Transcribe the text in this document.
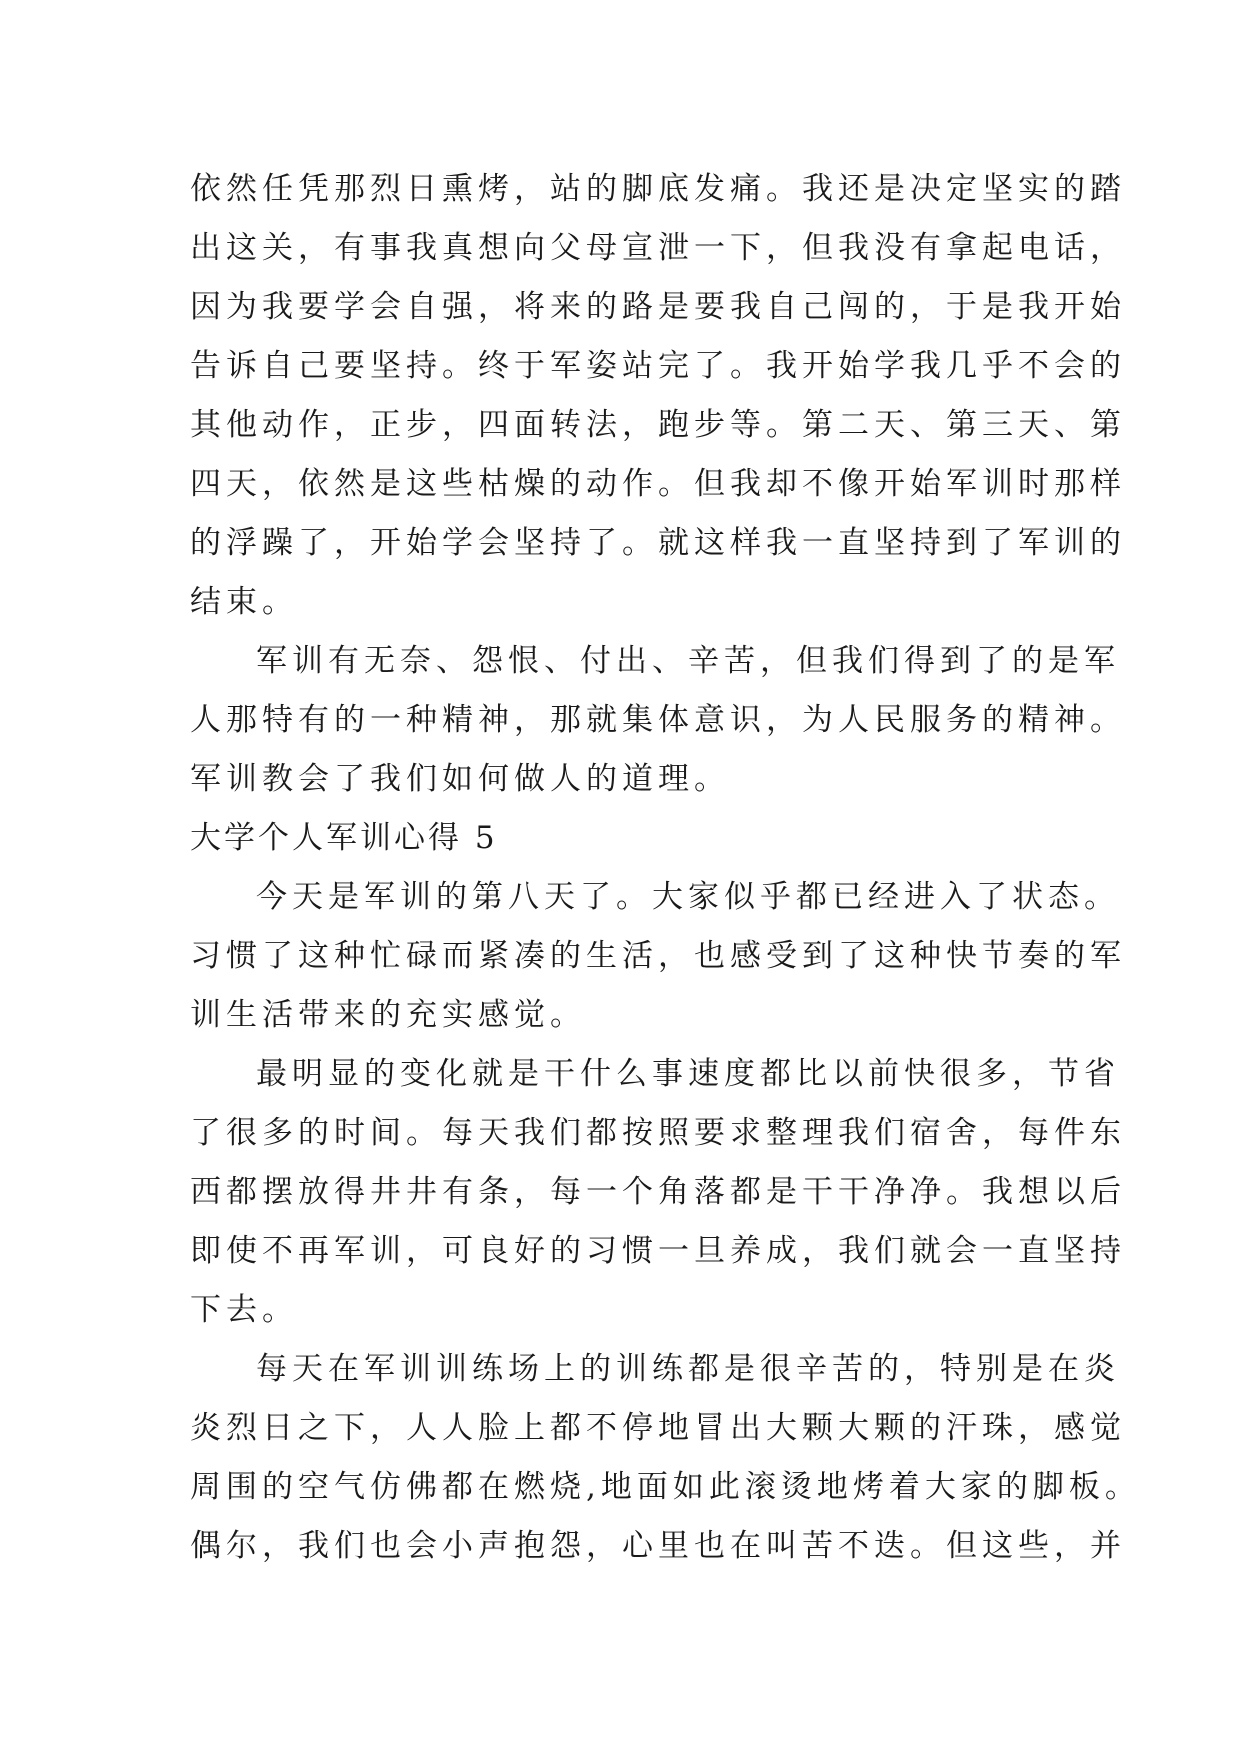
依然任凭那烈日熏烤，站的脚底发痛。我还是决定坚实的踏
出这关，有事我真想向父母宣泄一下，但我没有拿起电话，
因为我要学会自强，将来的路是要我自己闯的，于是我开始
告诉自己要坚持。终于军姿站完了。我开始学我几乎不会的
其他动作，正步，四面转法，跑步等。第二天、第三天、第
四天，依然是这些枯燥的动作。但我却不像开始军训时那样
的浮躁了，开始学会坚持了。就这样我一直坚持到了军训的
结束。
军训有无奈、怨恨、付出、辛苦，但我们得到了的是军
人那特有的一种精神，那就集体意识，为人民服务的精神。
军训教会了我们如何做人的道理。
大学个人军训心得 5
今天是军训的第八天了。大家似乎都已经进入了状态。
习惯了这种忙碌而紧凑的生活，也感受到了这种快节奏的军
训生活带来的充实感觉。
最明显的变化就是干什么事速度都比以前快很多，节省
了很多的时间。每天我们都按照要求整理我们宿舍，每件东
西都摆放得井井有条，每一个角落都是干干净净。我想以后
即使不再军训，可良好的习惯一旦养成，我们就会一直坚持
下去。
每天在军训训练场上的训练都是很辛苦的，特别是在炎
炎烈日之下，人人脸上都不停地冒出大颗大颗的汗珠，感觉
周围的空气仿佛都在燃烧,地面如此滚烫地烤着大家的脚板。
偶尔，我们也会小声抱怨，心里也在叫苦不迭。但这些，并
